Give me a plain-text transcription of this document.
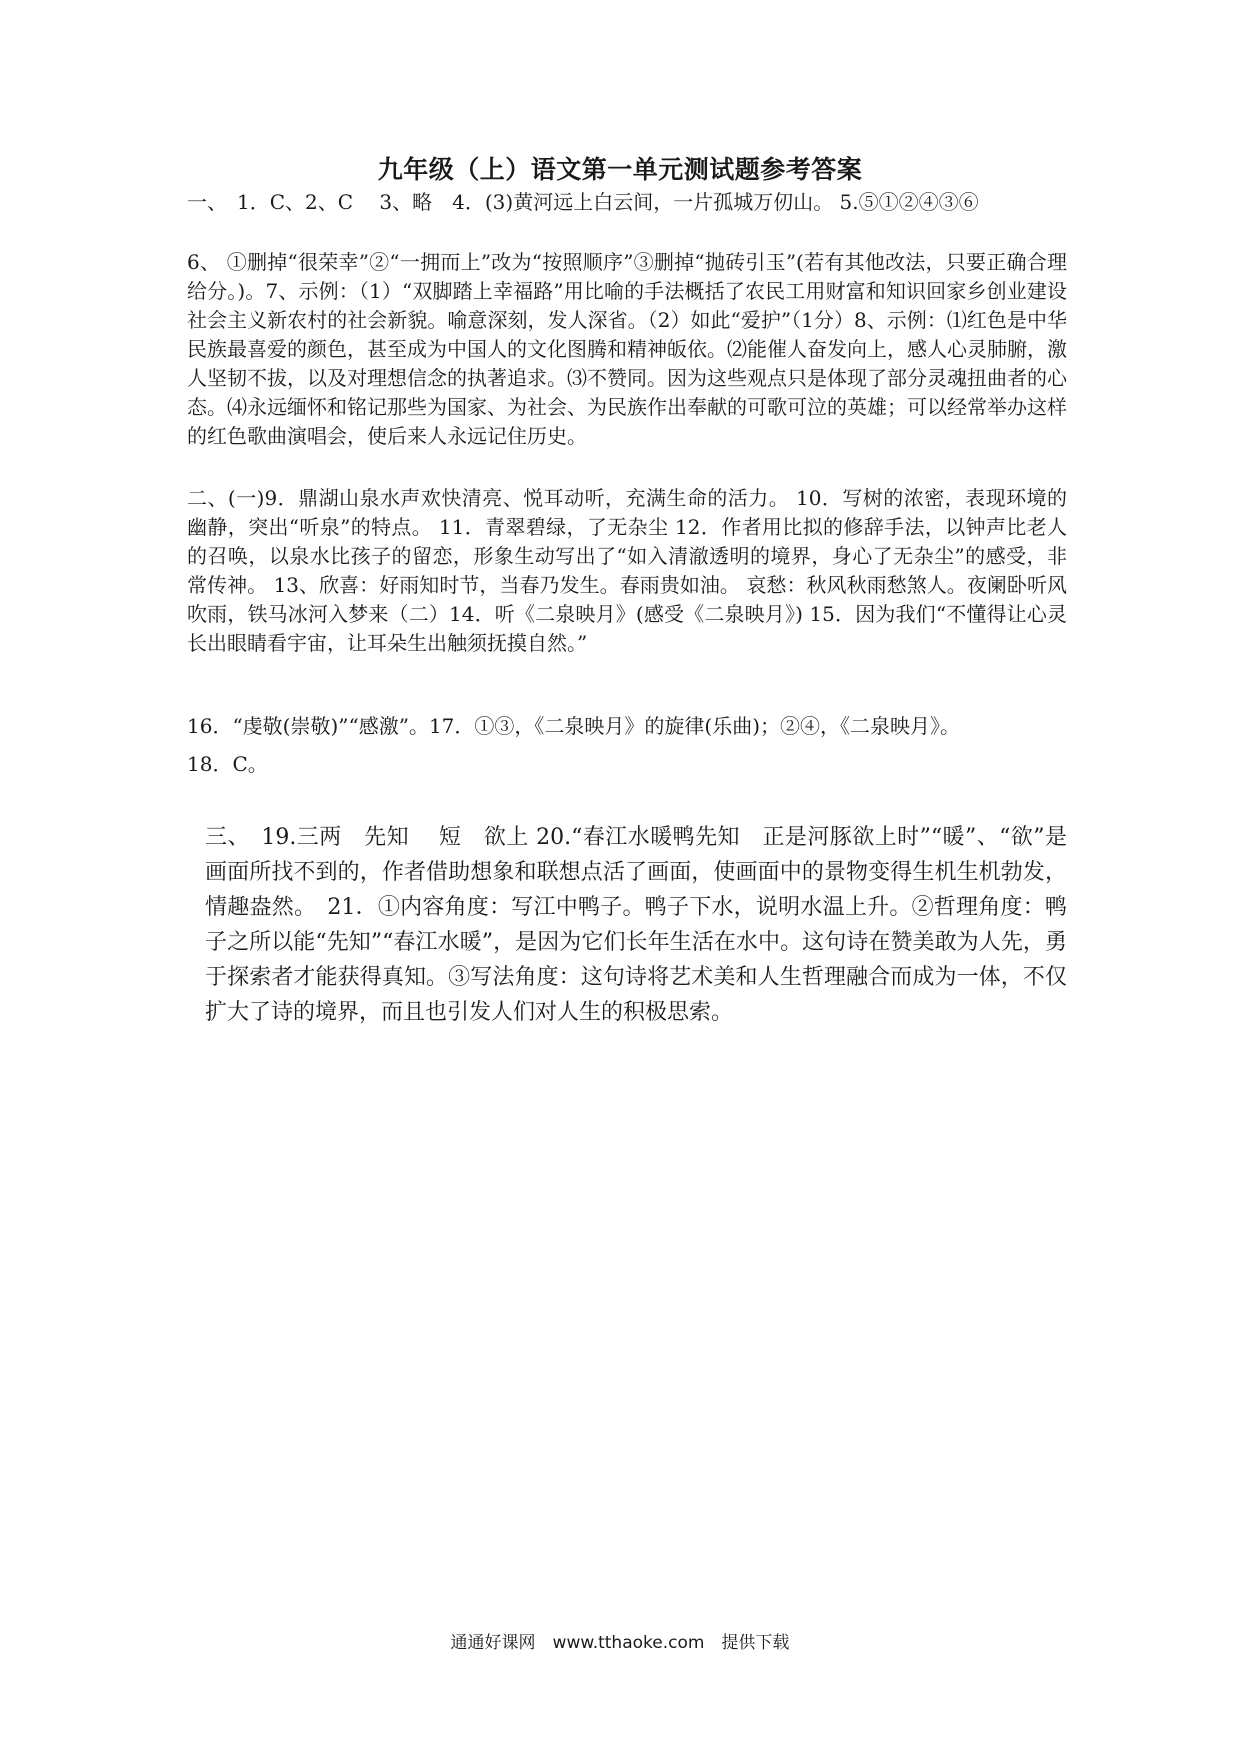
九年级（上）语文第一单元测试题参考答案
一、　1．C、2、C　 3、略　4．(3)黄河远上白云间，一片孤城万仞山。 5.⑤①②④③⑥

6、 ①删掉“很荣幸”②“一拥而上”改为“按照顺序”③删掉“抛砖引玉”(若有其他改法，只要正确合理给分。)。7、示例：（1）“双脚踏上幸福路”用比喻的手法概括了农民工用财富和知识回家乡创业建设社会主义新农村的社会新貌。喻意深刻，发人深省。（2）如此“爱护”（1分）8、示例：⑴红色是中华民族最喜爱的颜色，甚至成为中国人的文化图腾和精神皈依。⑵能催人奋发向上，感人心灵肺腑，激人坚韧不拔，以及对理想信念的执著追求。⑶不赞同。因为这些观点只是体现了部分灵魂扭曲者的心态。⑷永远缅怀和铭记那些为国家、为社会、为民族作出奉献的可歌可泣的英雄；可以经常举办这样的红色歌曲演唱会，使后来人永远记住历史。

二、(一)9．鼎湖山泉水声欢快清亮、悦耳动听，充满生命的活力。 10．写树的浓密，表现环境的幽静，突出“听泉”的特点。 11．青翠碧绿，了无杂尘 12．作者用比拟的修辞手法，以钟声比老人的召唤，以泉水比孩子的留恋，形象生动写出了“如入清澈透明的境界，身心了无杂尘”的感受，非常传神。 13、欣喜：好雨知时节，当春乃发生。春雨贵如油。 哀愁：秋风秋雨愁煞人。夜阑卧听风吹雨，铁马冰河入梦来（二）14．听《二泉映月》(感受《二泉映月》) 15．因为我们“不懂得让心灵长出眼睛看宇宙，让耳朵生出触须抚摸自然。”

16．“虔敬(崇敬)”“感激”。17．①③，《二泉映月》的旋律(乐曲)；②④，《二泉映月》。
18．C。

三、　19.三两　先知　 短　欲上 20.“春江水暖鸭先知　正是河豚欲上时”“暖”、“欲”是画面所找不到的，作者借助想象和联想点活了画面，使画面中的景物变得生机生机勃发，情趣盎然。　21．①内容角度：写江中鸭子。鸭子下水，说明水温上升。②哲理角度：鸭子之所以能“先知”“春江水暖”，是因为它们长年生活在水中。这句诗在赞美敢为人先，勇于探索者才能获得真知。③写法角度：这句诗将艺术美和人生哲理融合而成为一体，不仅扩大了诗的境界，而且也引发人们对人生的积极思索。

通通好课网　www.tthaoke.com　提供下载
